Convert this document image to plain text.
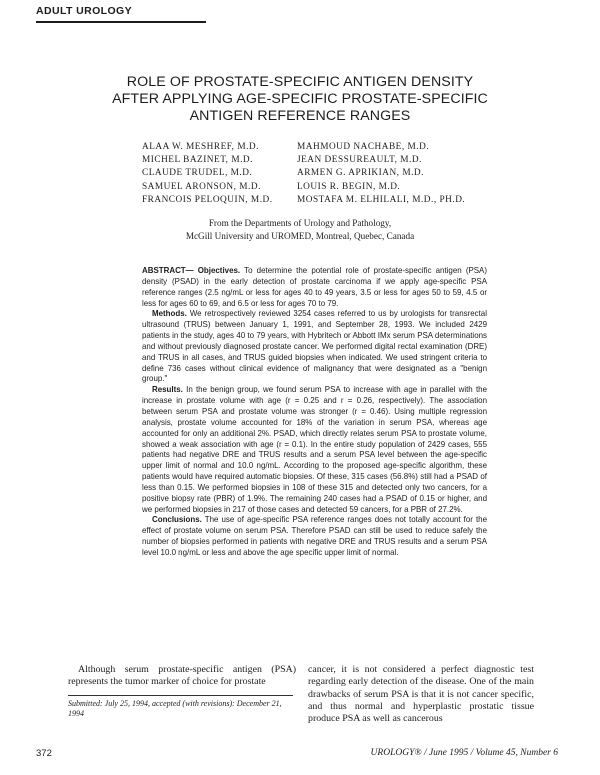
ADULT UROLOGY
ROLE OF PROSTATE-SPECIFIC ANTIGEN DENSITY
AFTER APPLYING AGE-SPECIFIC PROSTATE-SPECIFIC
ANTIGEN REFERENCE RANGES
ALAA W. MESHREF, M.D.
MICHEL BAZINET, M.D.
CLAUDE TRUDEL, M.D.
SAMUEL ARONSON, M.D.
FRANCOIS PELOQUIN, M.D.
MAHMOUD NACHABE, M.D.
JEAN DESSUREAULT, M.D.
ARMEN G. APRIKIAN, M.D.
LOUIS R. BEGIN, M.D.
MOSTAFA M. ELHILALI, M.D., PH.D.
From the Departments of Urology and Pathology,
McGill University and UROMED, Montreal, Quebec, Canada

ABSTRACT— Objectives. To determine the potential role of prostate-specific antigen (PSA) density (PSAD) in the early detection of prostate carcinoma if we apply age-specific PSA reference ranges (2.5 ng/mL or less for ages 40 to 49 years, 3.5 or less for ages 50 to 59, 4.5 or less for ages 60 to 69, and 6.5 or less for ages 70 to 79.

Methods. We retrospectively reviewed 3254 cases referred to us by urologists for transrectal ultrasound (TRUS) between January 1, 1991, and September 28, 1993. We included 2429 patients in the study, ages 40 to 79 years, with Hybritech or Abbott IMx serum PSA determinations and without previously diagnosed prostate cancer. We performed digital rectal examination (DRE) and TRUS in all cases, and TRUS guided biopsies when indicated. We used stringent criteria to define 736 cases without clinical evidence of malignancy that were designated as a "benign group."

Results. In the benign group, we found serum PSA to increase with age in parallel with the increase in prostate volume with age (r = 0.25 and r = 0.26, respectively). The association between serum PSA and prostate volume was stronger (r = 0.46). Using multiple regression analysis, prostate volume accounted for 18% of the variation in serum PSA, whereas age accounted for only an additional 2%. PSAD, which directly relates serum PSA to prostate volume, showed a weak association with age (r = 0.1). In the entire study population of 2429 cases, 555 patients had negative DRE and TRUS results and a serum PSA level between the age-specific upper limit of normal and 10.0 ng/mL. According to the proposed age-specific algorithm, these patients would have required automatic biopsies. Of these, 315 cases (56.8%) still had a PSAD of less than 0.15. We performed biopsies in 108 of these 315 and detected only two cancers, for a positive biopsy rate (PBR) of 1.9%. The remaining 240 cases had a PSAD of 0.15 or higher, and we performed biopsies in 217 of those cases and detected 59 cancers, for a PBR of 27.2%.

Conclusions. The use of age-specific PSA reference ranges does not totally account for the effect of prostate volume on serum PSA. Therefore PSAD can still be used to reduce safely the number of biopsies performed in patients with negative DRE and TRUS results and a serum PSA level 10.0 ng/mL or less and above the age specific upper limit of normal.

Although serum prostate-specific antigen (PSA) represents the tumor marker of choice for prostate

cancer, it is not considered a perfect diagnostic test regarding early detection of the disease. One of the main drawbacks of serum PSA is that it is not cancer specific, and thus normal and hyperplastic prostatic tissue produce PSA as well as cancerous

Submitted: July 25, 1994, accepted (with revisions): December 21, 1994
372	UROLOGY® / June 1995 / Volume 45, Number 6
